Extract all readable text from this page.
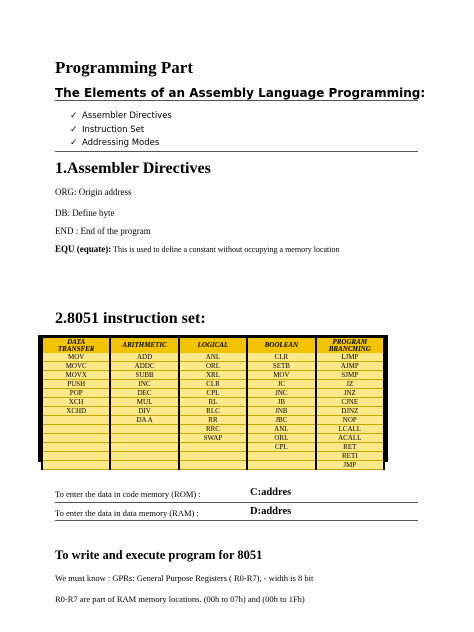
Programming Part
The Elements of an Assembly Language Programming:
✓ Assembler Directives
✓ Instruction Set
✓ Addressing Modes
1.Assembler Directives
ORG: Origin address
DB: Define byte
END : End of the program
EQU (equate): This is used to define a constant without occupying a memory location
2.8051 instruction set:
DATA
TRANSFER	ARITHMETIC	LOGICAL	BOOLEAN	PROGRAM
BRANCHING
MOV	ADD	ANL	CLR	LJMP
MOVC	ADDC	ORL	SETB	AJMP
MOVX	SUBB	XRL	MOV	SJMP
PUSH	INC	CLR	JC	JZ
POP	DEC	CPL	JNC	JNZ
XCH	MUL	RL	JB	CJNE
XCHD	DIV	RLC	JNB	DJNZ
	DA A	RR	JBC	NOP
		RRC	ANL	LCALL
		SWAP	ORL	ACALL
			CPL	RET
				RETI
				JMP
To enter the data in code memory (ROM) :	C:addres
To enter the data in data memory (RAM) :	D:addres
To write and execute program for 8051
We must know : GPRs: General Purpose Registers ( R0-R7), - width is 8 bit
R0-R7 are part of RAM memory locations. (00h to 07h) and (00h to 1Fh)
